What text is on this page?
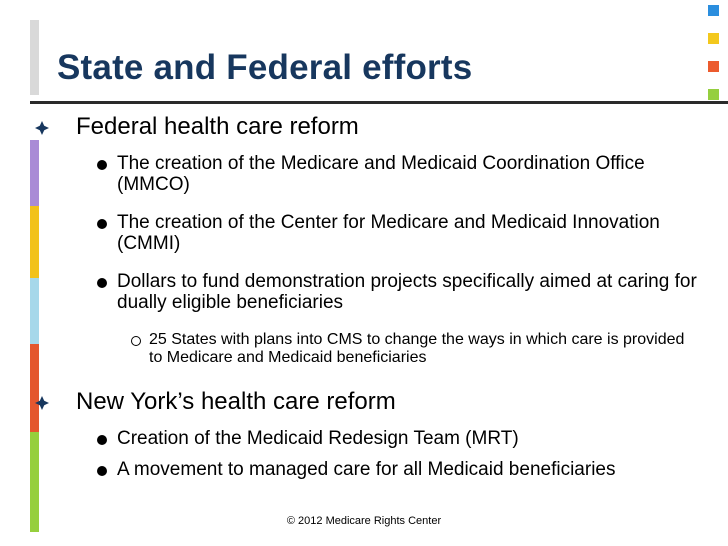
State and Federal efforts
Federal health care reform
The creation of the Medicare and Medicaid Coordination Office (MMCO)
The creation of the Center for Medicare and Medicaid Innovation (CMMI)
Dollars to fund demonstration projects specifically aimed at caring for dually eligible beneficiaries
25 States with plans into CMS to change the ways in which care is provided to Medicare and Medicaid beneficiaries
New York’s health care reform
Creation of the Medicaid Redesign Team (MRT)
A movement to managed care for all Medicaid beneficiaries
© 2012 Medicare Rights Center
